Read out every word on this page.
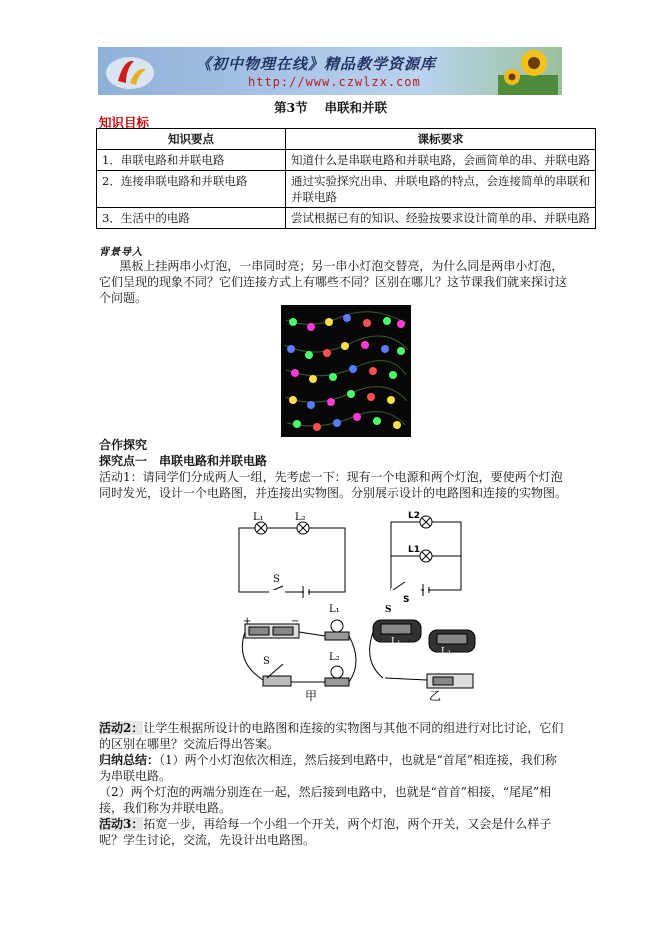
《初中物理在线》精品教学资源库
http://www.czwlzx.com
第3节　 串联和并联
知识目标
知识要点	课标要求
1．串联电路和并联电路	知道什么是串联电路和并联电路，会画简单的串、并联电路
2．连接串联电路和并联电路	通过实验探究出串、并联电路的特点，会连接简单的串联和并联电路
3．生活中的电路	尝试根据已有的知识、经验按要求设计简单的串、并联电路
背景导入
黑板上挂两串小灯泡，一串同时亮；另一串小灯泡交替亮，为什么同是两串小灯泡，它们呈现的现象不同？它们连接方式上有哪些不同？区别在哪儿？这节课我们就来探讨这个问题。
合作探究
探究点一　串联电路和并联电路
活动1：请同学们分成两人一组，先考虑一下：现有一个电源和两个灯泡，要使两个灯泡同时发光，设计一个电路图，并连接出实物图。分别展示设计的电路图和连接的实物图。
L₁	L₂
S
L2
L1
S
+	−
L₁
L₂
S
甲
S
L₁
L₂
乙
活动2：让学生根据所设计的电路图和连接的实物图与其他不同的组进行对比讨论，它们的区别在哪里？交流后得出答案。
归纳总结：（1）两个小灯泡依次相连，然后接到电路中，也就是“首尾”相连接，我们称为串联电路。
（2）两个灯泡的两端分别连在一起，然后接到电路中，也就是“首首”相接，“尾尾”相接，我们称为并联电路。
活动3：拓宽一步，再给每一个小组一个开关，两个灯泡，两个开关，又会是什么样子呢？学生讨论，交流，先设计出电路图。
